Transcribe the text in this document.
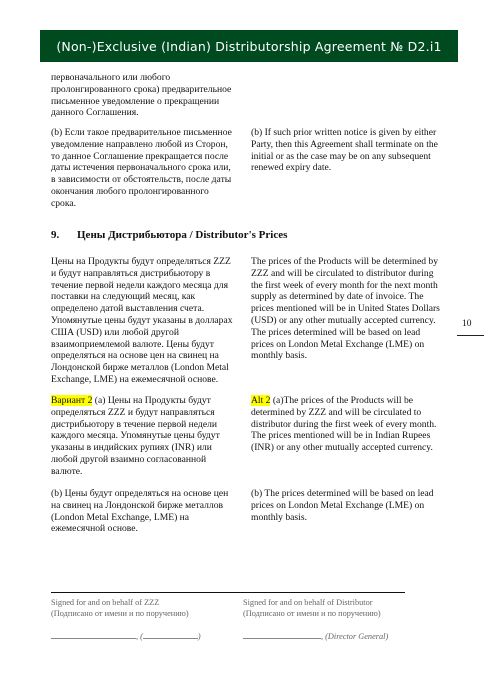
(Non-)Exclusive (Indian) Distributorship Agreement № D2.i1
10

первоначального или любого пролонгированного срока) предварительное письменное уведомление о прекращении данного Соглашения.

(b) Если такое предварительное письменное уведомление направлено любой из Сторон, то данное Соглашение прекращается после даты истечения первоначального срока или, в зависимости от обстоятельств, после даты окончания любого пролонгированного срока.

(b) If such prior written notice is given by either Party, then this Agreement shall terminate on the initial or as the case may be on any subsequent renewed expiry date.

9. Цены Дистрибьютора / Distributor's Prices

Цены на Продукты будут определяться ZZZ и будут направляться дистрибьютору в течение первой недели каждого месяца для поставки на следующий месяц, как определено датой выставления счета. Упомянутые цены будут указаны в долларах США (USD) или любой другой взаимоприемлемой валюте. Цены будут определяться на основе цен на свинец на Лондонской бирже металлов (London Metal Exchange, LME) на ежемесячной основе.

The prices of the Products will be determined by ZZZ and will be circulated to distributor during the first week of every month for the next month supply as determined by date of invoice. The prices mentioned will be in United States Dollars (USD) or any other mutually accepted currency. The prices determined will be based on lead prices on London Metal Exchange (LME) on monthly basis.

Вариант 2 (a) Цены на Продукты будут определяться ZZZ и будут направляться дистрибьютору в течение первой недели каждого месяца. Упомянутые цены будут указаны в индийских рупиях (INR) или любой другой взаимно согласованной валюте.

Alt 2 (a)The prices of the Products will be determined by ZZZ and will be circulated to distributor during the first week of every month. The prices mentioned will be in Indian Rupees (INR) or any other mutually accepted currency.

(b) Цены будут определяться на основе цен на свинец на Лондонской бирже металлов (London Metal Exchange, LME) на ежемесячной основе.

(b) The prices determined will be based on lead prices on London Metal Exchange (LME) on monthly basis.

Signed for and on behalf of ZZZ
(Подписано от имени и по поручению)
, (	)
Signed for and on behalf of Distributor
(Подписано от имени и по поручению)
, (Director General)
